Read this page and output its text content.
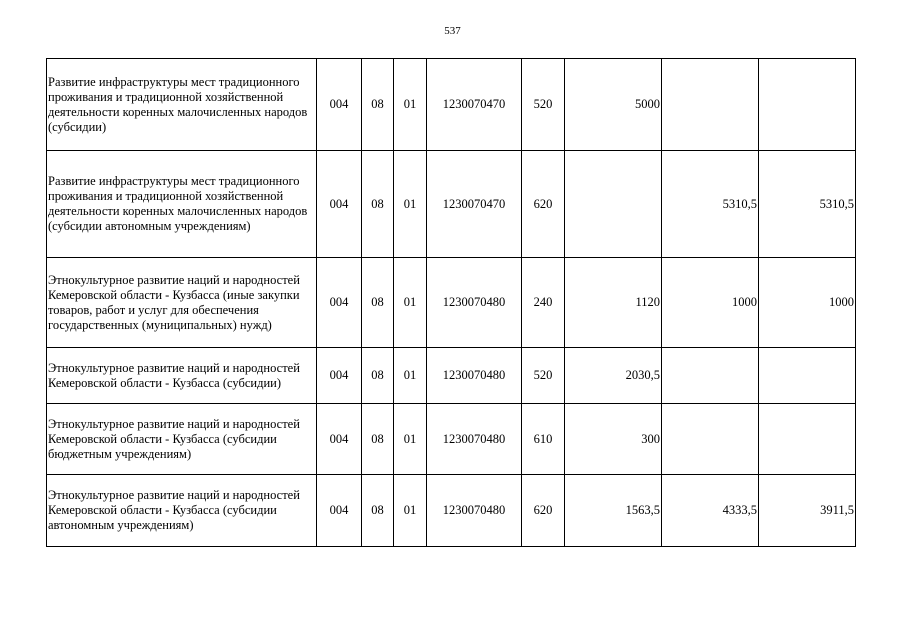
537
Развитие инфраструктуры мест традиционного проживания и традиционной хозяйственной деятельности коренных малочисленных народов (субсидии)	004	08	01	1230070470	520	5000		
Развитие инфраструктуры мест традиционного проживания и традиционной хозяйственной деятельности коренных малочисленных народов (субсидии автономным учреждениям)	004	08	01	1230070470	620		5310,5	5310,5
Этнокультурное развитие наций и народностей Кемеровской области - Кузбасса (иные закупки товаров, работ и услуг для обеспечения государственных (муниципальных) нужд)	004	08	01	1230070480	240	1120	1000	1000
Этнокультурное развитие наций и народностей Кемеровской области - Кузбасса (субсидии)	004	08	01	1230070480	520	2030,5		
Этнокультурное развитие наций и народностей Кемеровской области - Кузбасса (субсидии бюджетным учреждениям)	004	08	01	1230070480	610	300		
Этнокультурное развитие наций и народностей Кемеровской области - Кузбасса (субсидии автономным учреждениям)	004	08	01	1230070480	620	1563,5	4333,5	3911,5
